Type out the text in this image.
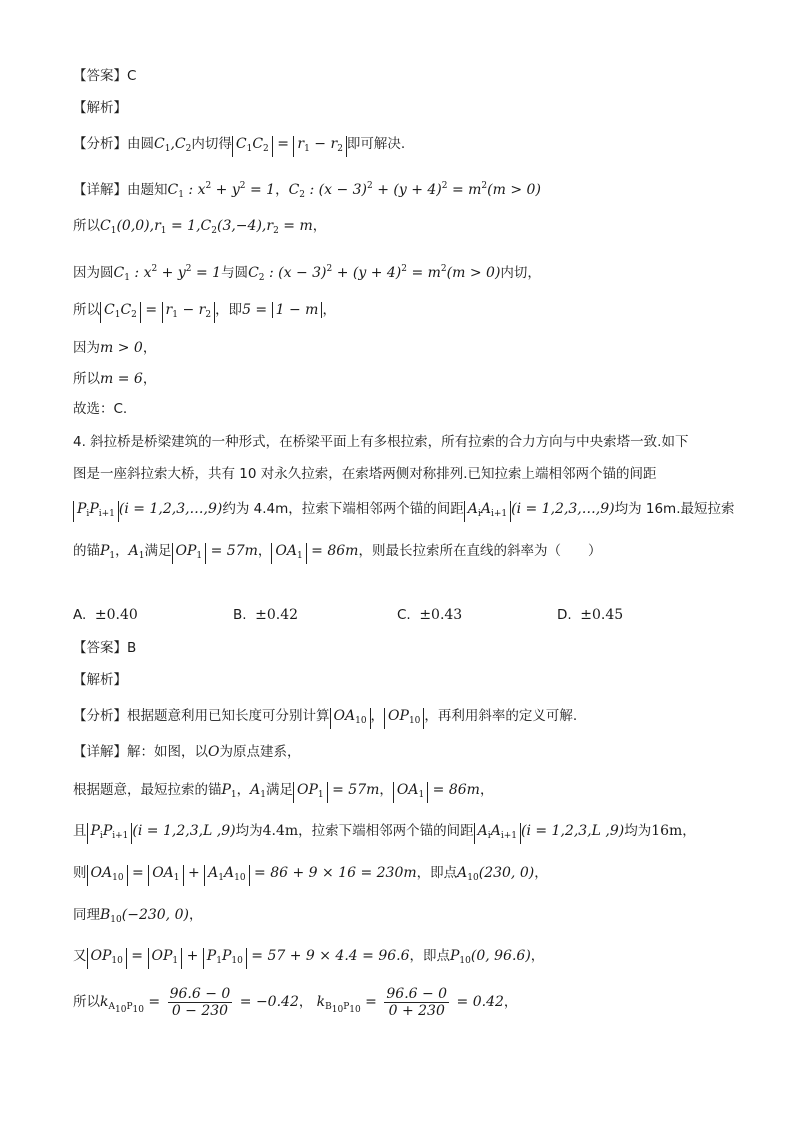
【答案】C
【解析】
【分析】由圆$C_1,C_2$内切得 $C_1C_2 = r_1 - r_2$ 即可解决.
【详解】由题知$C_1$ : $x^2 + y^2 = 1$，$C_2$ : $(x - 3)^2 + (y + 4)^2 = m^2(m > 0)$
所以$C_1(0,0),r_1 = 1,C_2(3,-4),r_2 = m$，
因为圆$C_1$ : $x^2 + y^2 = 1$与圆$C_2$ : $(x - 3)^2 + (y + 4)^2 = m^2(m > 0)$内切，
所以 $C_1C_2 = r_1 - r_2$ ，即5 = 1 − m ，
因为m > 0，
所以m = 6，
故选：C.
4. 斜拉桥是桥梁建筑的一种形式，在桥梁平面上有多根拉索，所有拉索的合力方向与中央索塔一致.如下
图是一座斜拉索大桥，共有 10 对永久拉索，在索塔两侧对称排列.已知拉索上端相邻两个锚的间距
$P_iP_{i+1}$ (i = 1,2,3,…,9)约为 4.4m，拉索下端相邻两个锚的间距 $A_iA_{i+1}$ (i = 1,2,3,…,9)均为 16m.最短拉索
的锚$P_1$，$A_1$满足 $OP_1 = 57m$， $OA_1 = 86m$，则最长拉索所在直线的斜率为（　　）
A. ±0.40	B. ±0.42	C. ±0.43	D. ±0.45
【答案】B
【解析】
【分析】根据题意利用已知长度可分别计算 $OA_{10}$ ， $OP_{10}$ ，再利用斜率的定义可解.
【详解】解：如图，以O为原点建系，
根据题意，最短拉索的锚$P_1$，$A_1$满足 $OP_1 = 57m$， $OA_1 = 86m$，
且 $P_iP_{i+1}$ (i = 1,2,3,L ,9)均为4.4m，拉索下端相邻两个锚的间距 $A_iA_{i+1}$ (i = 1,2,3,L ,9)均为16m，
则 $OA_{10} = OA_1 + A_1A_{10} = 86 + 9 \times 16 = 230m$，即点$A_{10}(230$, 0)，
同理$B_{10}(-230$, 0)，
又 $OP_{10} = OP_1 + P_1P_{10} = 57 + 9 \times 4.4 = 96.6$，即点$P_{10}(0$, 96.6)，
所以$k_{A_{10}P_{10}} = \frac{96.6 - 0}{0 - 230} = -0.42$， $k_{B_{10}P_{10}} = \frac{96.6 - 0}{0 + 230} = 0.42$，
